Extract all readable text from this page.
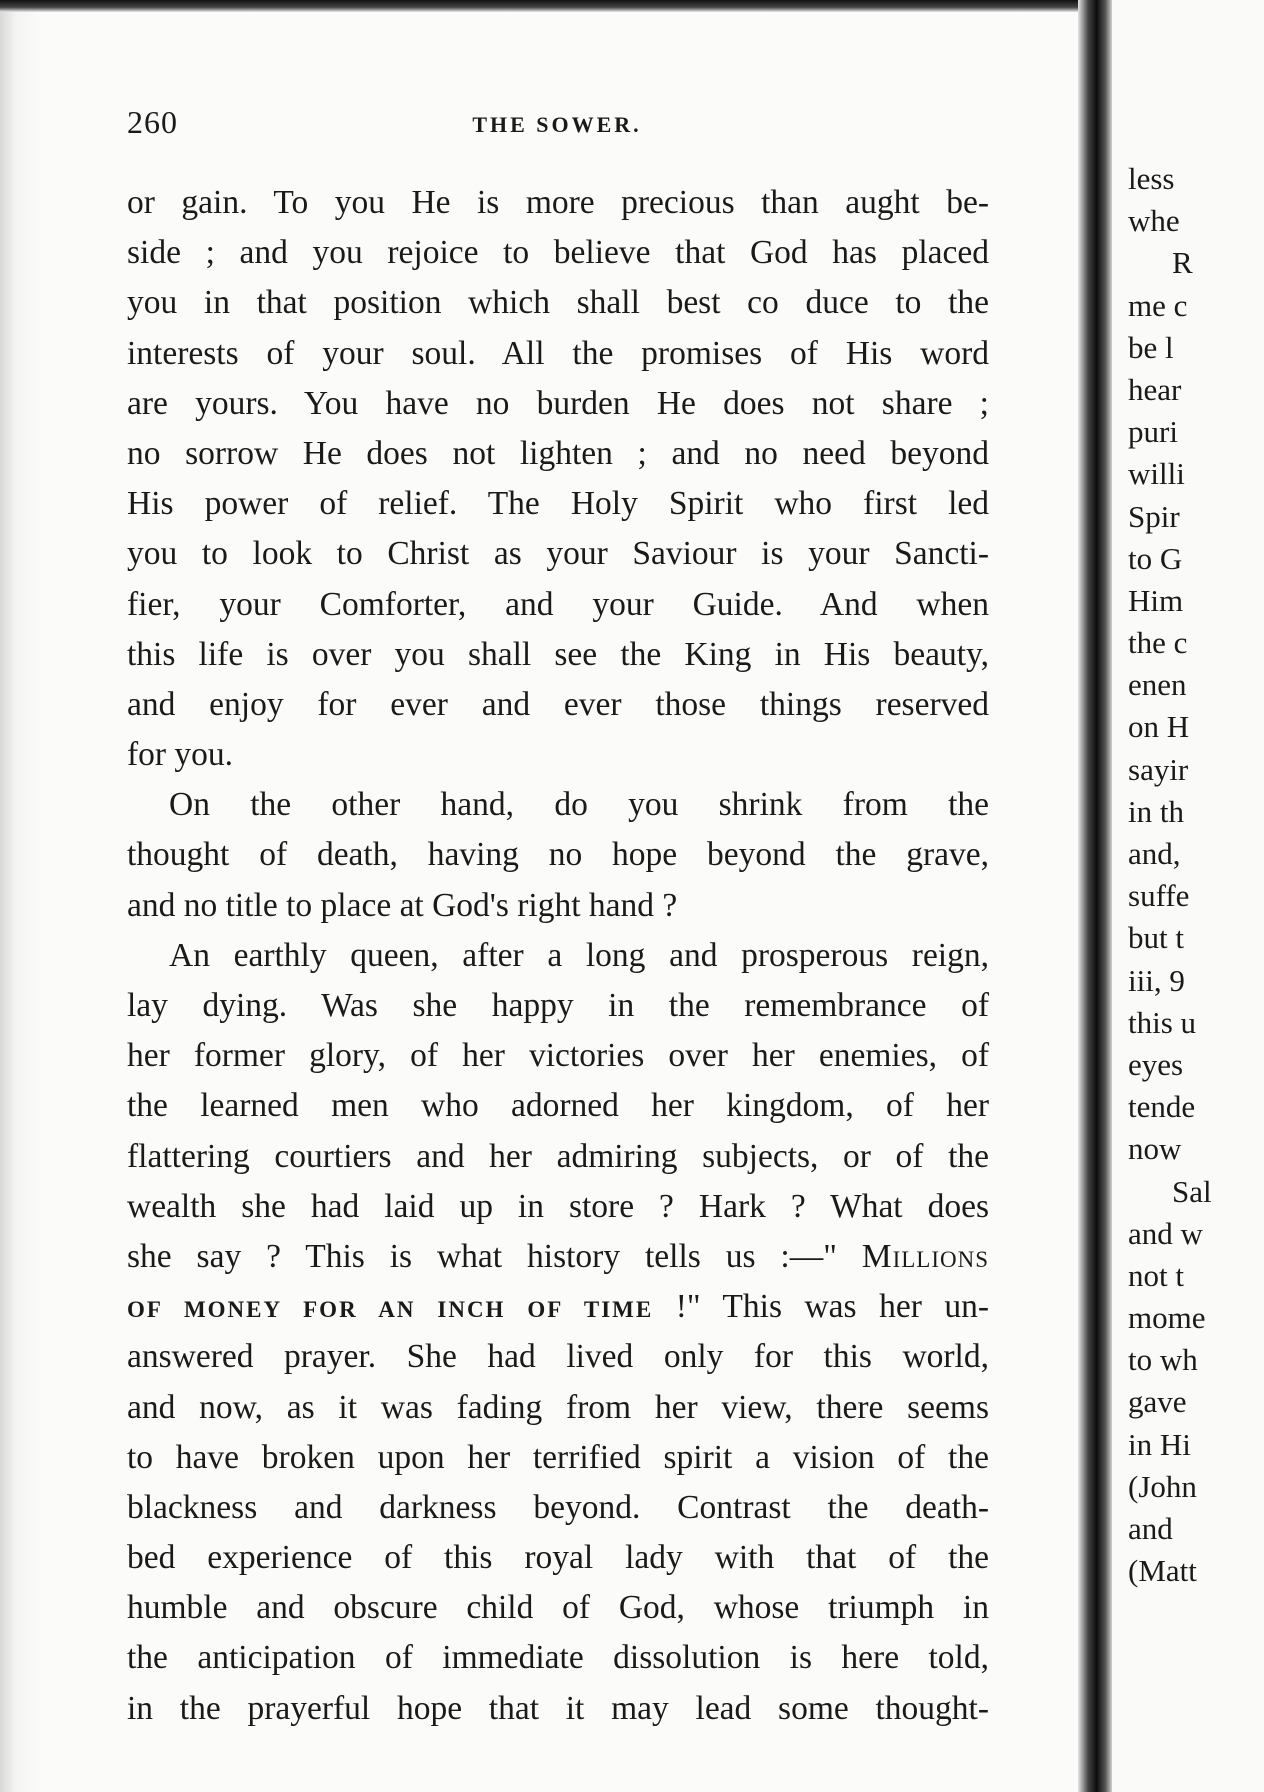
260	THE SOWER.
or gain. To you He is more precious than aught be-
side ; and you rejoice to believe that God has placed
you in that position which shall best co duce to the
interests of your soul. All the promises of His word
are yours. You have no burden He does not share ;
no sorrow He does not lighten ; and no need beyond
His power of relief. The Holy Spirit who first led
you to look to Christ as your Saviour is your Sancti-
fier, your Comforter, and your Guide. And when
this life is over you shall see the King in His beauty,
and enjoy for ever and ever those things reserved
for you.
On the other hand, do you shrink from the
thought of death, having no hope beyond the grave,
and no title to place at God's right hand ?
An earthly queen, after a long and prosperous reign,
lay dying. Was she happy in the remembrance of
her former glory, of her victories over her enemies, of
the learned men who adorned her kingdom, of her
flattering courtiers and her admiring subjects, or of the
wealth she had laid up in store ? Hark ? What does
she say ? This is what history tells us :—" Millions
OF MONEY FOR AN INCH OF TIME !" This was her un-
answered prayer. She had lived only for this world,
and now, as it was fading from her view, there seems
to have broken upon her terrified spirit a vision of the
blackness and darkness beyond. Contrast the death-
bed experience of this royal lady with that of the
humble and obscure child of God, whose triumph in
the anticipation of immediate dissolution is here told,
in the prayerful hope that it may lead some thought-
less
whe
R
me c
be l
hear
puri
willi
Spir
to G
Him
the c
enen
on H
sayir
in th
and,
suffe
but t
iii, 9
this u
eyes
tende
now
Sal
and w
not t
mome
to wh
gave
in Hi
(John
and
(Matt
